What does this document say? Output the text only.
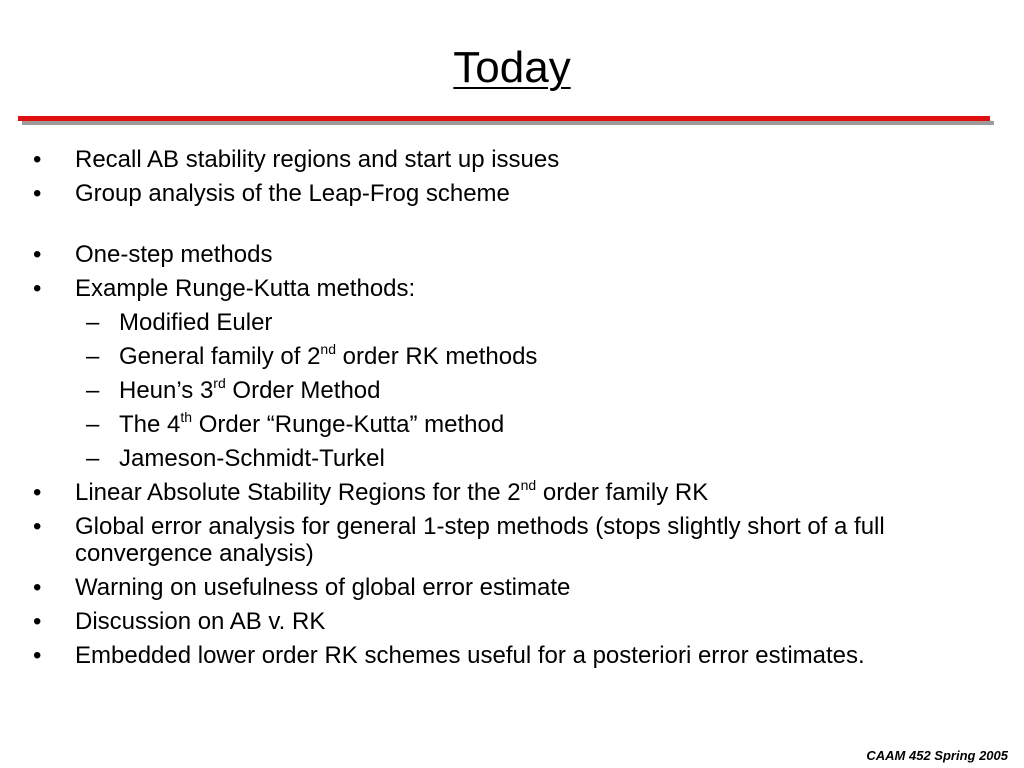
Today
• Recall AB stability regions and start up issues
• Group analysis of the Leap-Frog scheme
• One-step methods
• Example Runge-Kutta methods:
– Modified Euler
– General family of 2nd order RK methods
– Heun’s 3rd Order Method
– The 4th Order “Runge-Kutta” method
– Jameson-Schmidt-Turkel
• Linear Absolute Stability Regions for the 2nd order family RK
• Global error analysis for general 1-step methods (stops slightly short of a full convergence analysis)
• Warning on usefulness of global error estimate
• Discussion on AB v. RK
• Embedded lower order RK schemes useful for a posteriori error estimates.
CAAM 452 Spring 2005
